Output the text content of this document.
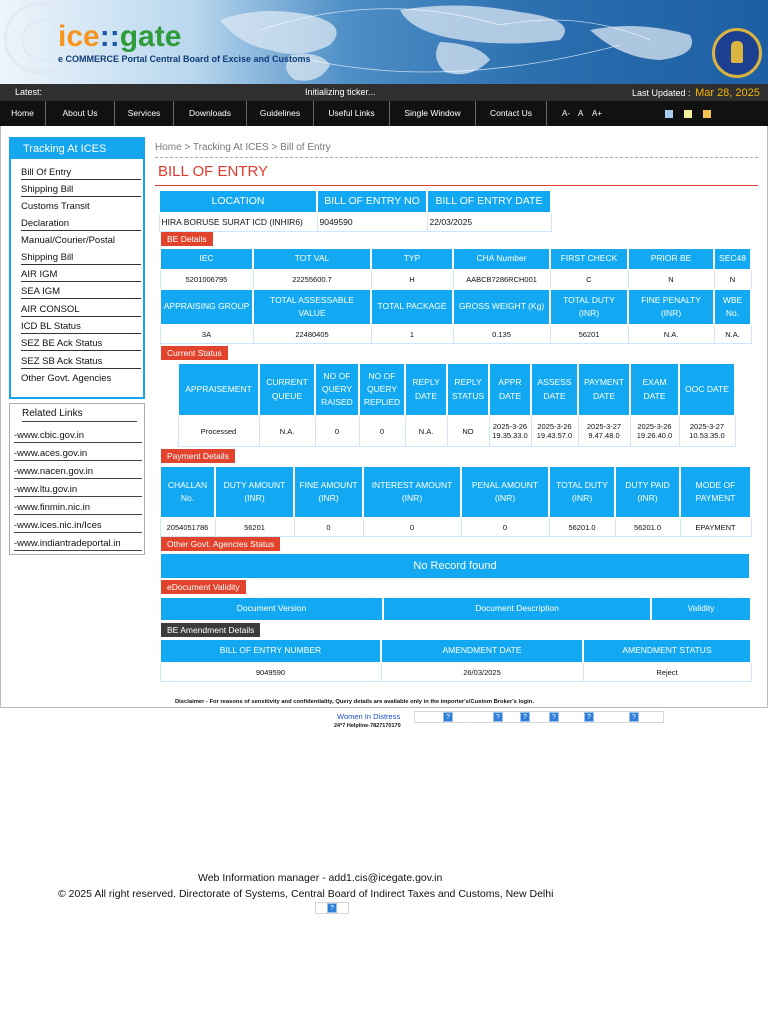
ice::gate
e COMMERCE Portal Central Board of Excise and Customs
Latest:	Initializing ticker...	Last Updated : Mar 28, 2025
Home	About Us	Services	Downloads	Guidelines	Useful Links	Single Window	Contact Us	A- A A+
Tracking At ICES
Bill Of Entry
Shipping Bill
Customs Transit
Declaration
Manual/Courier/Postal
Shipping Bill
AIR IGM
SEA IGM
AIR CONSOL
ICD BL Status
SEZ BE Ack Status
SEZ SB Ack Status
Other Govt. Agencies
Related Links
-www.cbic.gov.in
-www.aces.gov.in
-www.nacen.gov.in
-www.ltu.gov.in
-www.finmin.nic.in
-www.ices.nic.in/Ices
-www.indiantradeportal.in
Home > Tracking At ICES > Bill of Entry
BILL OF ENTRY
LOCATION	BILL OF ENTRY NO	BILL OF ENTRY DATE
HIRA BORUSE SURAT ICD (INHIR6)	9049590	22/03/2025
BE Details
IEC	TOT VAL	TYP	CHA Number	FIRST CHECK	PRIOR BE	SEC48
5201006795	22255600.7	H	AABCB7286RCH001	C	N	N
APPRAISING GROUP	TOTAL ASSESSABLE VALUE	TOTAL PACKAGE	GROSS WEIGHT (Kg)	TOTAL DUTY (INR)	FINE PENALTY (INR)	WBE No.
3A	22480405	1	0.135	56201	N.A.	N.A.
Current Status
APPRAISEMENT	CURRENT QUEUE	NO OF QUERY RAISED	NO OF QUERY REPLIED	REPLY DATE	REPLY STATUS	APPR DATE	ASSESS DATE	PAYMENT DATE	EXAM DATE	OOC DATE
Processed	N.A.	0	0	N.A.	NO	2025-3-26 19.35.33.0	2025-3-26 19.43.57.0	2025-3-27 9.47.48.0	2025-3-26 19.26.40.0	2025-3-27 10.53.35.0
Payment Details
CHALLAN No.	DUTY AMOUNT (INR)	FINE AMOUNT (INR)	INTEREST AMOUNT (INR)	PENAL AMOUNT (INR)	TOTAL DUTY (INR)	DUTY PAID (INR)	MODE OF PAYMENT
2054051786	56201	0	0	0	56201.0	56201.0	EPAYMENT
Other Govt. Agencies Status
No Record found
eDocument Validity
Document Version	Document Description	Validity
BE Amendment Details
BILL OF ENTRY NUMBER	AMENDMENT DATE	AMENDMENT STATUS
9049590	26/03/2025	Reject
Disclaimer - For reasons of sensitivity and confidentiality, Query details are available only in the importer's/Custom Broker's login.
Women In Distress	?	?	?	?	?	?
24*7 Helpline-7827170170
Web Information manager - add1.cis@icegate.gov.in
© 2025 All right reserved. Directorate of Systems, Central Board of Indirect Taxes and Customs, New Delhi
?
